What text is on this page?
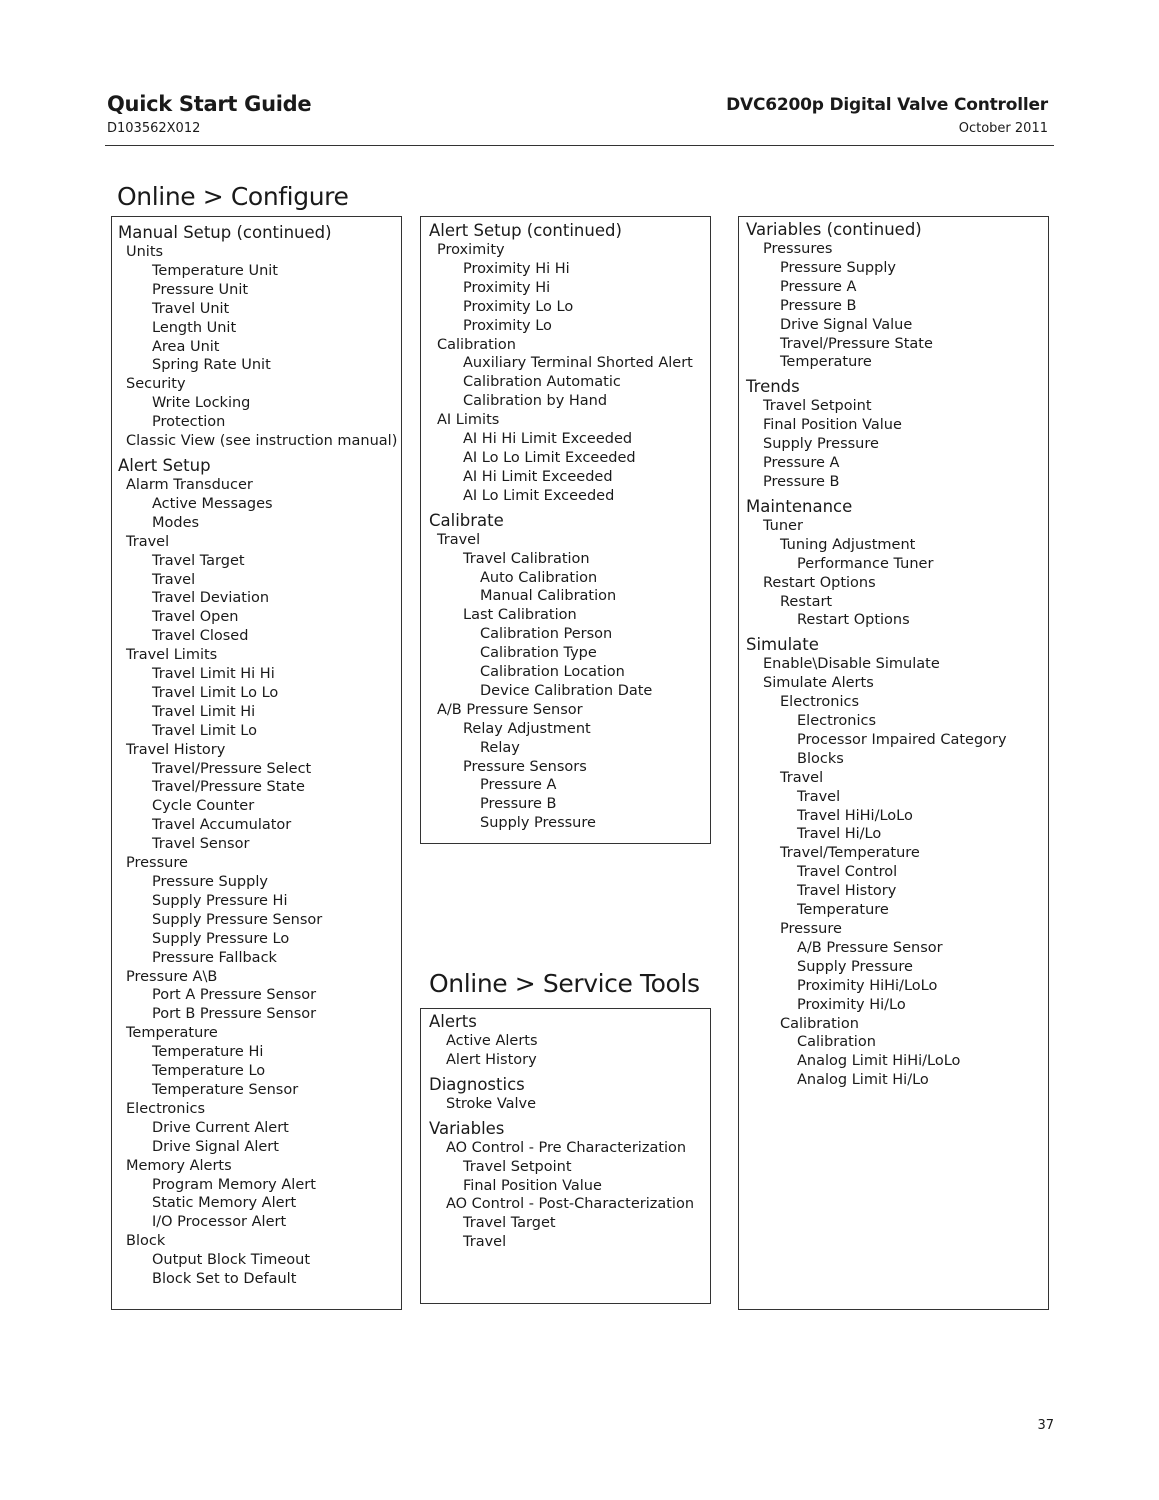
Quick Start Guide
D103562X012
DVC6200p Digital Valve Controller
October 2011
Online > Configure
Manual Setup (continued)
Units
Temperature Unit
Pressure Unit
Travel Unit
Length Unit
Area Unit
Spring Rate Unit
Security
Write Locking
Protection
Classic View (see instruction manual)
Alert Setup
Alarm Transducer
Active Messages
Modes
Travel
Travel Target
Travel
Travel Deviation
Travel Open
Travel Closed
Travel Limits
Travel Limit Hi Hi
Travel Limit Lo Lo
Travel Limit Hi
Travel Limit Lo
Travel History
Travel/Pressure Select
Travel/Pressure State
Cycle Counter
Travel Accumulator
Travel Sensor
Pressure
Pressure Supply
Supply Pressure Hi
Supply Pressure Sensor
Supply Pressure Lo
Pressure Fallback
Pressure A\B
Port A Pressure Sensor
Port B Pressure Sensor
Temperature
Temperature Hi
Temperature Lo
Temperature Sensor
Electronics
Drive Current Alert
Drive Signal Alert
Memory Alerts
Program Memory Alert
Static Memory Alert
I/O Processor Alert
Block
Output Block Timeout
Block Set to Default
Alert Setup (continued)
Proximity
Proximity Hi Hi
Proximity Hi
Proximity Lo Lo
Proximity Lo
Calibration
Auxiliary Terminal Shorted Alert
Calibration Automatic
Calibration by Hand
AI Limits
AI Hi Hi Limit Exceeded
AI Lo Lo Limit Exceeded
AI Hi Limit Exceeded
AI Lo Limit Exceeded
Calibrate
Travel
Travel Calibration
Auto Calibration
Manual Calibration
Last Calibration
Calibration Person
Calibration Type
Calibration Location
Device Calibration Date
A/B Pressure Sensor
Relay Adjustment
Relay
Pressure Sensors
Pressure A
Pressure B
Supply Pressure
Variables (continued)
Pressures
Pressure Supply
Pressure A
Pressure B
Drive Signal Value
Travel/Pressure State
Temperature
Trends
Travel Setpoint
Final Position Value
Supply Pressure
Pressure A
Pressure B
Maintenance
Tuner
Tuning Adjustment
Performance Tuner
Restart Options
Restart
Restart Options
Simulate
Enable\Disable Simulate
Simulate Alerts
Electronics
Electronics
Processor Impaired Category
Blocks
Travel
Travel
Travel HiHi/LoLo
Travel Hi/Lo
Travel/Temperature
Travel Control
Travel History
Temperature
Pressure
A/B Pressure Sensor
Supply Pressure
Proximity HiHi/LoLo
Proximity Hi/Lo
Calibration
Calibration
Analog Limit HiHi/LoLo
Analog Limit Hi/Lo
Online > Service Tools
Alerts
Active Alerts
Alert History
Diagnostics
Stroke Valve
Variables
AO Control - Pre Characterization
Travel Setpoint
Final Position Value
AO Control - Post-Characterization
Travel Target
Travel
37
